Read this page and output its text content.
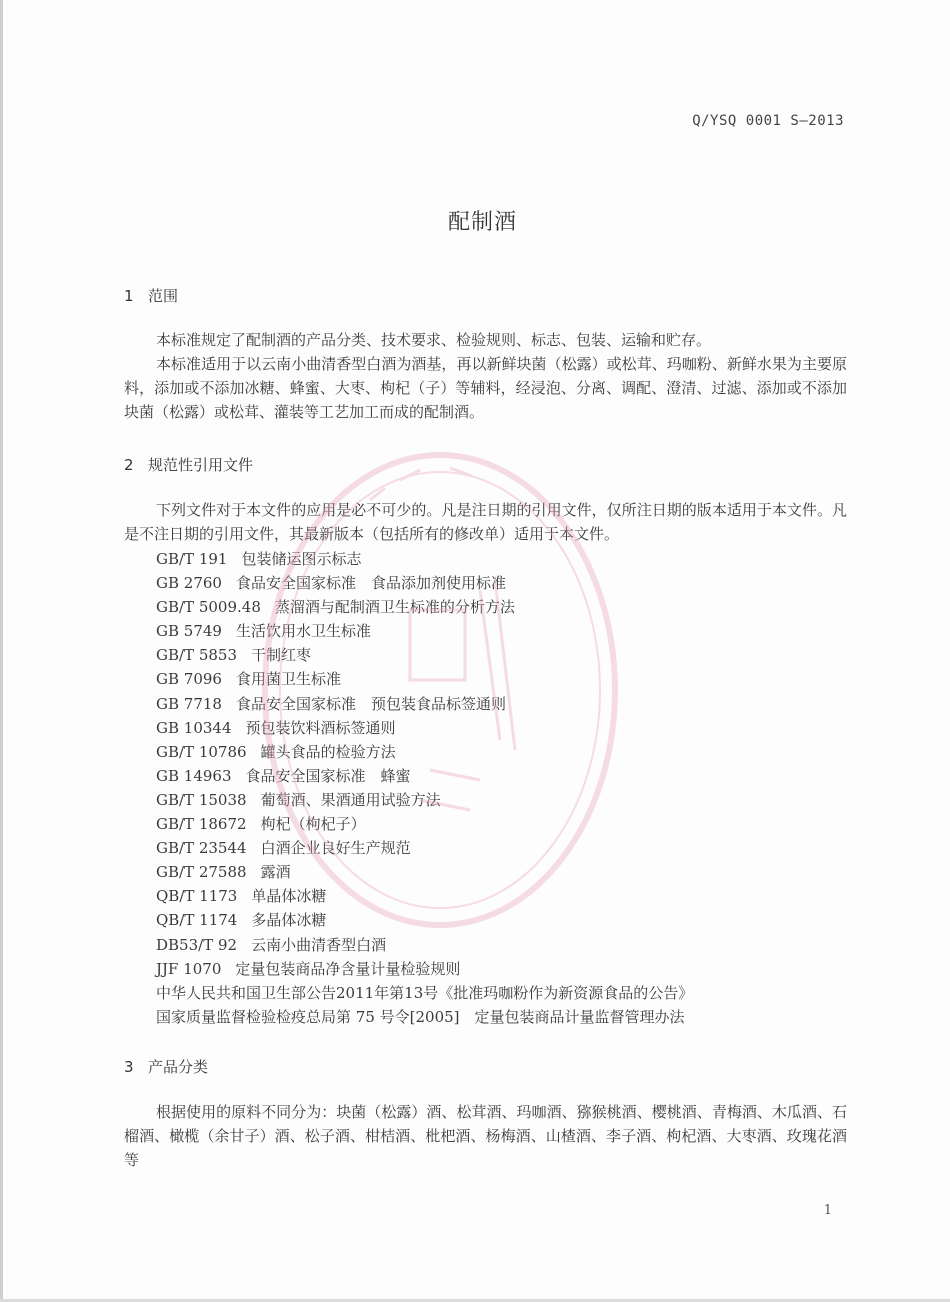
Q/YSQ 0001 S—2013
配制酒
1 范围

本标准规定了配制酒的产品分类、技术要求、检验规则、标志、包装、运输和贮存。

本标准适用于以云南小曲清香型白酒为酒基，再以新鲜块菌（松露）或松茸、玛咖粉、新鲜水果为主要原料，添加或不添加冰糖、蜂蜜、大枣、枸杞（子）等辅料，经浸泡、分离、调配、澄清、过滤、添加或不添加块菌（松露）或松茸、灌装等工艺加工而成的配制酒。

2 规范性引用文件

下列文件对于本文件的应用是必不可少的。凡是注日期的引用文件，仅所注日期的版本适用于本文件。凡是不注日期的引用文件，其最新版本（包括所有的修改单）适用于本文件。

GB/T 191 包装储运图示标志
GB 2760 食品安全国家标准　食品添加剂使用标准
GB/T 5009.48 蒸溜酒与配制酒卫生标准的分析方法
GB 5749 生活饮用水卫生标准
GB/T 5853 干制红枣
GB 7096 食用菌卫生标准
GB 7718 食品安全国家标准　预包装食品标签通则
GB 10344 预包装饮料酒标签通则
GB/T 10786 罐头食品的检验方法
GB 14963 食品安全国家标准　蜂蜜
GB/T 15038 葡萄酒、果酒通用试验方法
GB/T 18672 枸杞（枸杞子）
GB/T 23544 白酒企业良好生产规范
GB/T 27588 露酒
QB/T 1173 单晶体冰糖
QB/T 1174 多晶体冰糖
DB53/T 92 云南小曲清香型白酒
JJF 1070 定量包装商品净含量计量检验规则
中华人民共和国卫生部公告2011年第13号《批准玛咖粉作为新资源食品的公告》
国家质量监督检验检疫总局第 75 号令[2005]　定量包装商品计量监督管理办法
3 产品分类

根据使用的原料不同分为：块菌（松露）酒、松茸酒、玛咖酒、猕猴桃酒、樱桃酒、青梅酒、木瓜酒、石榴酒、橄榄（余甘子）酒、松子酒、柑桔酒、枇杷酒、杨梅酒、山楂酒、李子酒、枸杞酒、大枣酒、玫瑰花酒等

1
